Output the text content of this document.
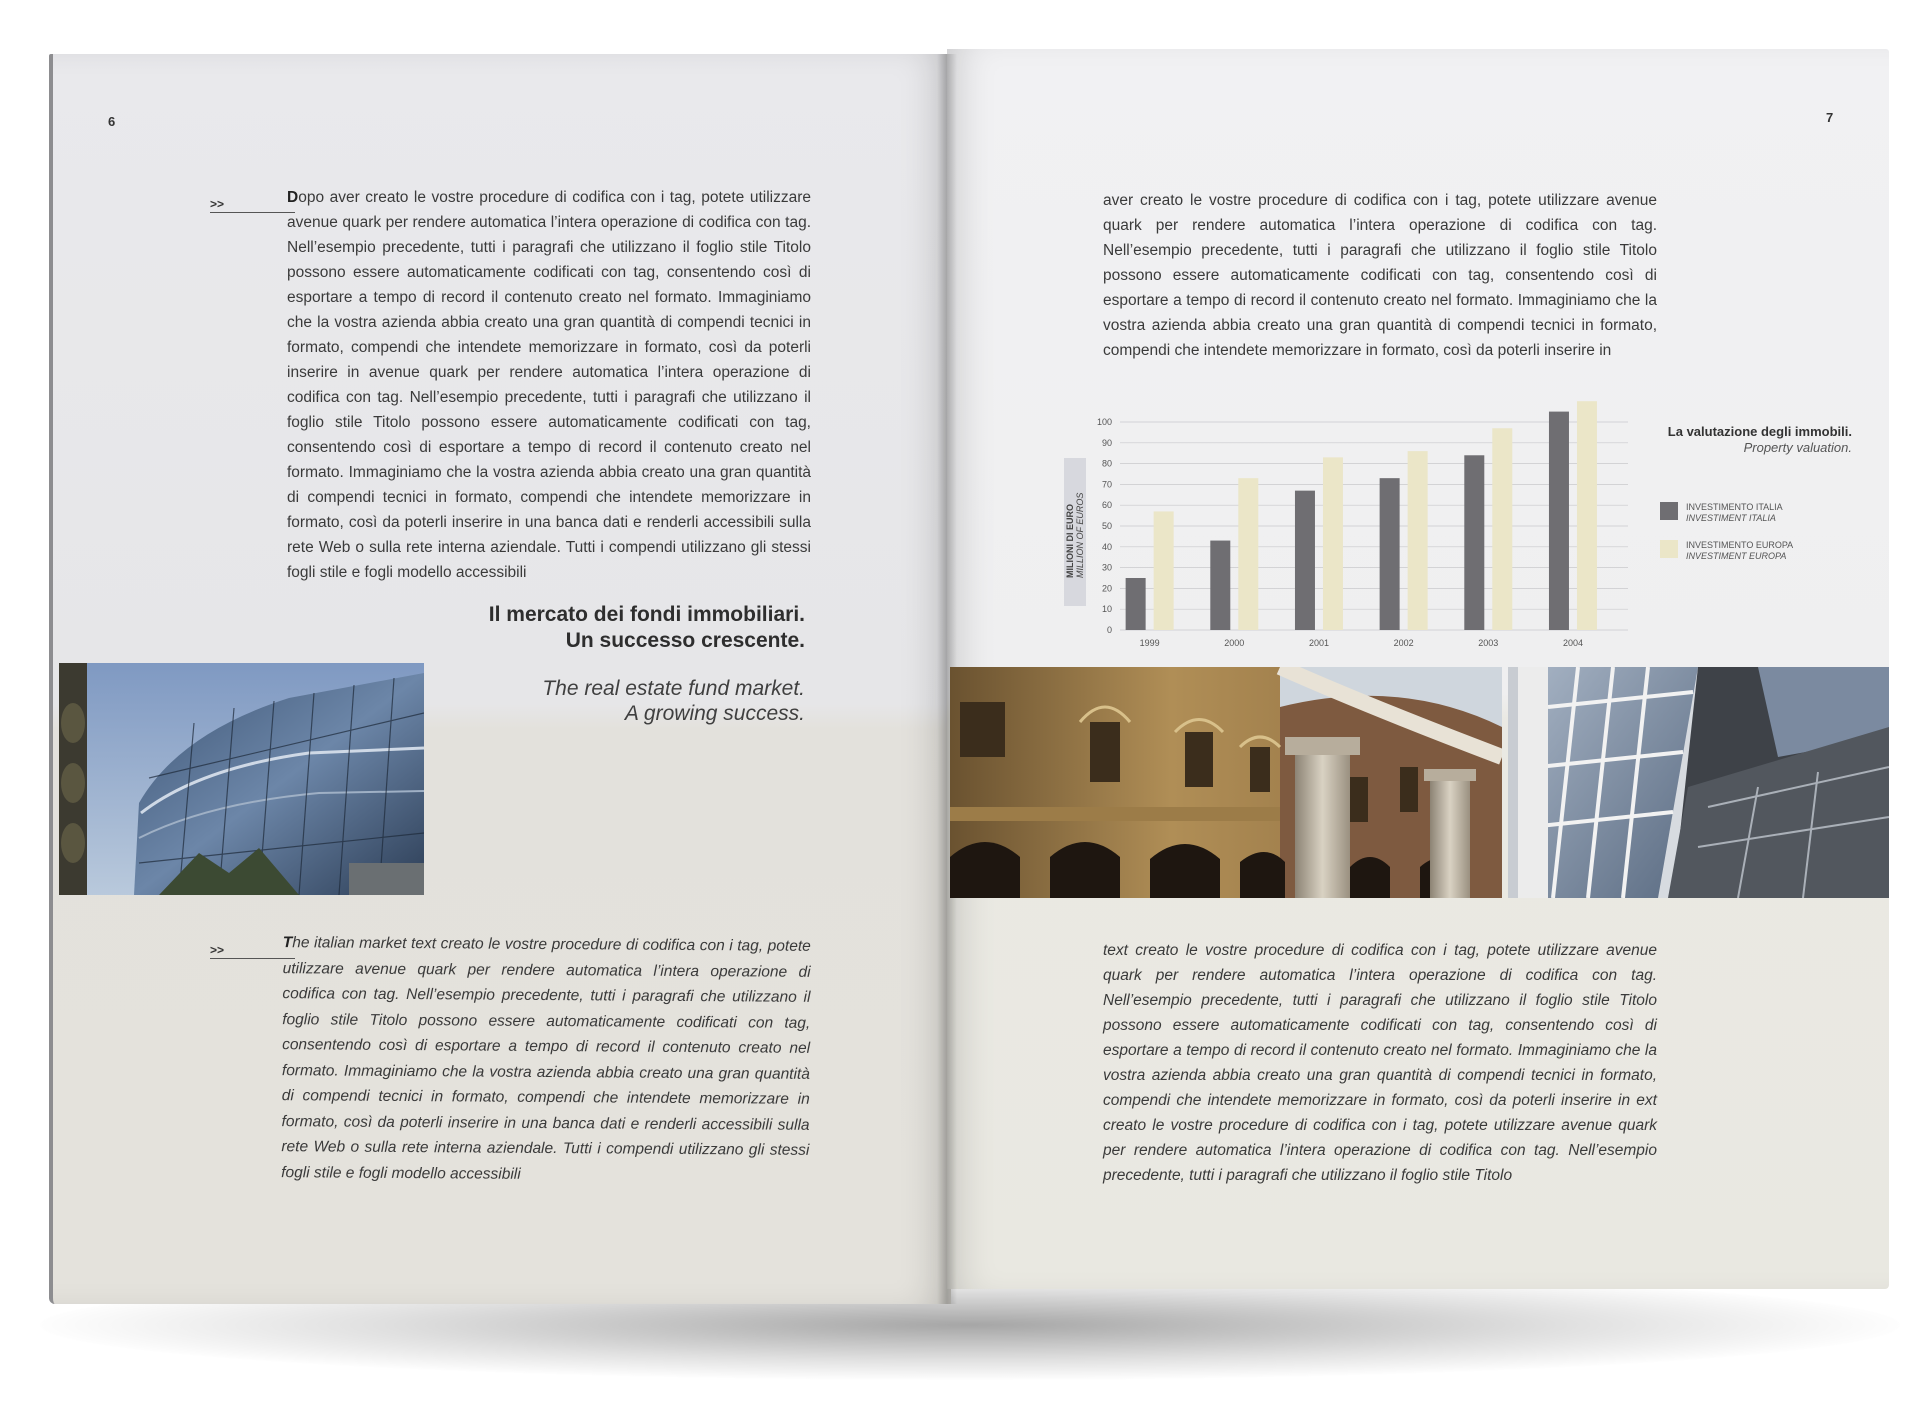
6	7
>>	Dopo aver creato le vostre procedure di codifica con i tag, potete utilizzare avenue quark per rendere automatica l’intera operazione di codifica con tag. Nell’esempio precedente, tutti i paragrafi che utilizzano il foglio stile Titolo possono essere automaticamente codificati con tag, consentendo così di esportare a tempo di record il contenuto creato nel formato. Immaginiamo che la vostra azienda abbia creato una gran quantità di compendi tecnici in formato, compendi che intendete memorizzare in formato, così da poterli inserire in avenue quark per rendere automatica l’intera operazione di codifica con tag. Nell’esempio precedente, tutti i paragrafi che utilizzano il foglio stile Titolo possono essere automaticamente codificati con tag, consentendo così di esportare a tempo di record il contenuto creato nel formato. Immaginiamo che la vostra azienda abbia creato una gran quantità di compendi tecnici in formato, compendi che intendete memorizzare in formato, così da poterli inserire in una banca dati e renderli accessibili sulla rete Web o sulla rete interna aziendale. Tutti i compendi utilizzano gli stessi fogli stile e fogli modello accessibili

Il mercato dei fondi immobiliari.
Un successo crescente.
The real estate fund market.
A growing success.
>>	The italian market text creato le vostre procedure di codifica con i tag, potete utilizzare avenue quark per rendere automatica l’intera operazione di codifica con tag. Nell’esempio precedente, tutti i paragrafi che utilizzano il foglio stile Titolo possono essere automaticamente codificati con tag, consentendo così di esportare a tempo di record il contenuto creato nel formato. Immaginiamo che la vostra azienda abbia creato una gran quantità di compendi tecnici in formato, compendi che intendete memorizzare in formato, così da poterli inserire in una banca dati e renderli accessibili sulla rete Web o sulla rete interna aziendale. Tutti i compendi utilizzano gli stessi fogli stile e fogli modello accessibili

aver creato le vostre procedure di codifica con i tag, potete utilizzare avenue quark per rendere automatica l’intera operazione di codifica con tag. Nell’esempio precedente, tutti i paragrafi che utilizzano il foglio stile Titolo possono essere automaticamente codificati con tag, consentendo così di esportare a tempo di record il contenuto creato nel formato. Immaginiamo che la vostra azienda abbia creato una gran quantità di compendi tecnici in formato, compendi che intendete memorizzare in formato, così da poterli inserire in

MILIONI DI EURO MILLION OF EUROS
0
10
20
30
40
50
60
70
80
90
100
1999	2000	2001	2002	2003	2004
La valutazione degli immobili.
Property valuation.
INVESTIMENTO ITALIA
INVESTIMENT ITALIA
INVESTIMENTO EUROPA
INVESTIMENT EUROPA

text creato le vostre procedure di codifica con i tag, potete utilizzare avenue quark per rendere automatica l’intera operazione di codifica con tag. Nell’esempio precedente, tutti i paragrafi che utilizzano il foglio stile Titolo possono essere automaticamente codificati con tag, consentendo così di esportare a tempo di record il contenuto creato nel formato. Immaginiamo che la vostra azienda abbia creato una gran quantità di compendi tecnici in formato, compendi che intendete memorizzare in formato, così da poterli inserire in ext creato le vostre procedure di codifica con i tag, potete utilizzare avenue quark per rendere automatica l’intera operazione di codifica con tag. Nell’esempio precedente, tutti i paragrafi che utilizzano il foglio stile Titolo
